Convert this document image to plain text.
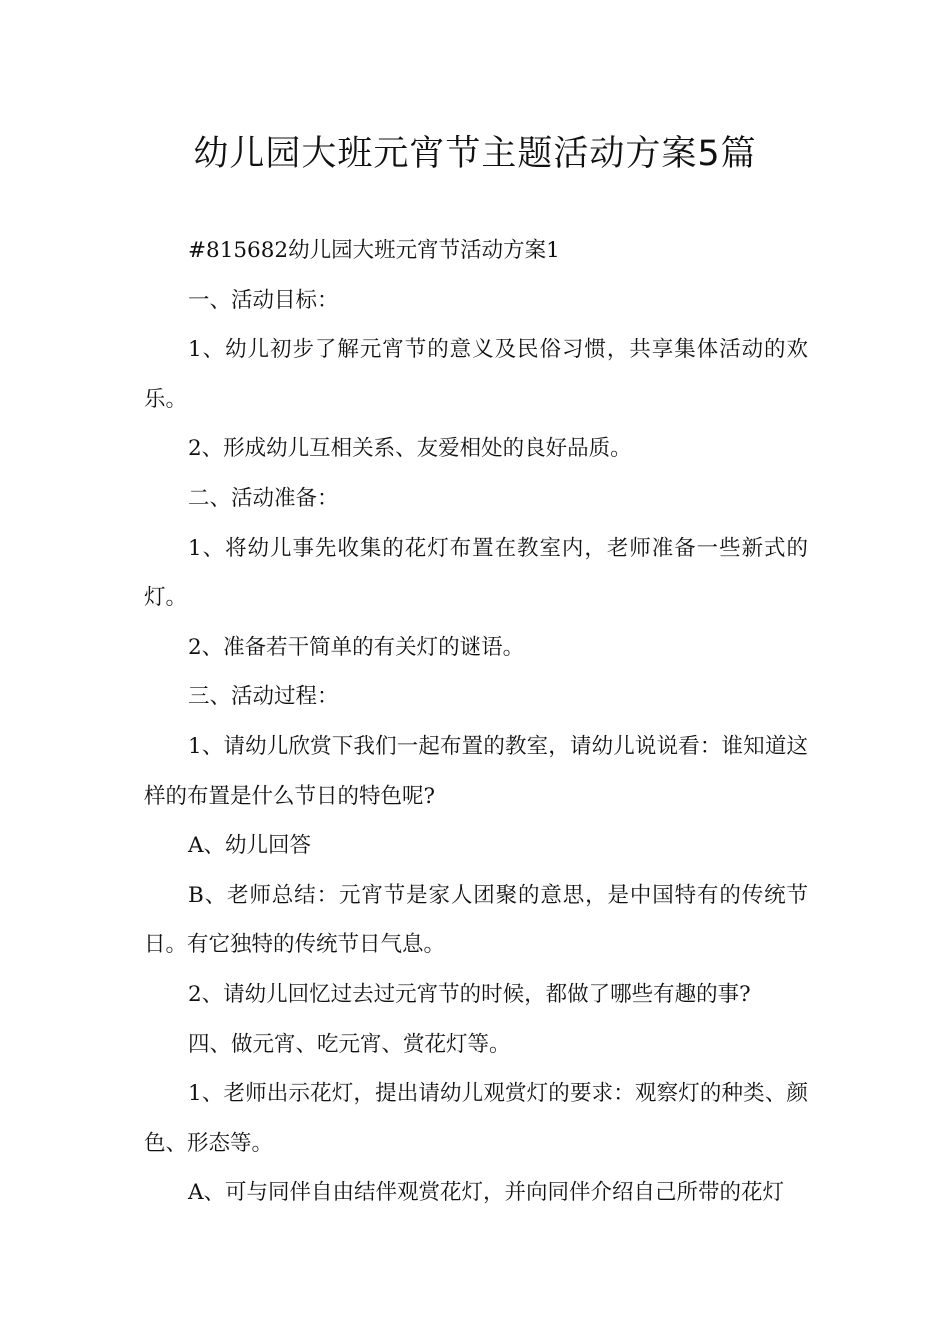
幼儿园大班元宵节主题活动方案5篇

#815682幼儿园大班元宵节活动方案1

一、活动目标：

1、幼儿初步了解元宵节的意义及民俗习惯，共享集体活动的欢乐。

2、形成幼儿互相关系、友爱相处的良好品质。

二、活动准备：

1、将幼儿事先收集的花灯布置在教室内，老师准备一些新式的灯。

2、准备若干简单的有关灯的谜语。

三、活动过程：

1、请幼儿欣赏下我们一起布置的教室，请幼儿说说看：谁知道这样的布置是什么节日的特色呢?

A、幼儿回答

B、老师总结：元宵节是家人团聚的意思，是中国特有的传统节日。有它独特的传统节日气息。

2、请幼儿回忆过去过元宵节的时候，都做了哪些有趣的事?

四、做元宵、吃元宵、赏花灯等。

1、老师出示花灯，提出请幼儿观赏灯的要求：观察灯的种类、颜色、形态等。

A、可与同伴自由结伴观赏花灯，并向同伴介绍自己所带的花灯
